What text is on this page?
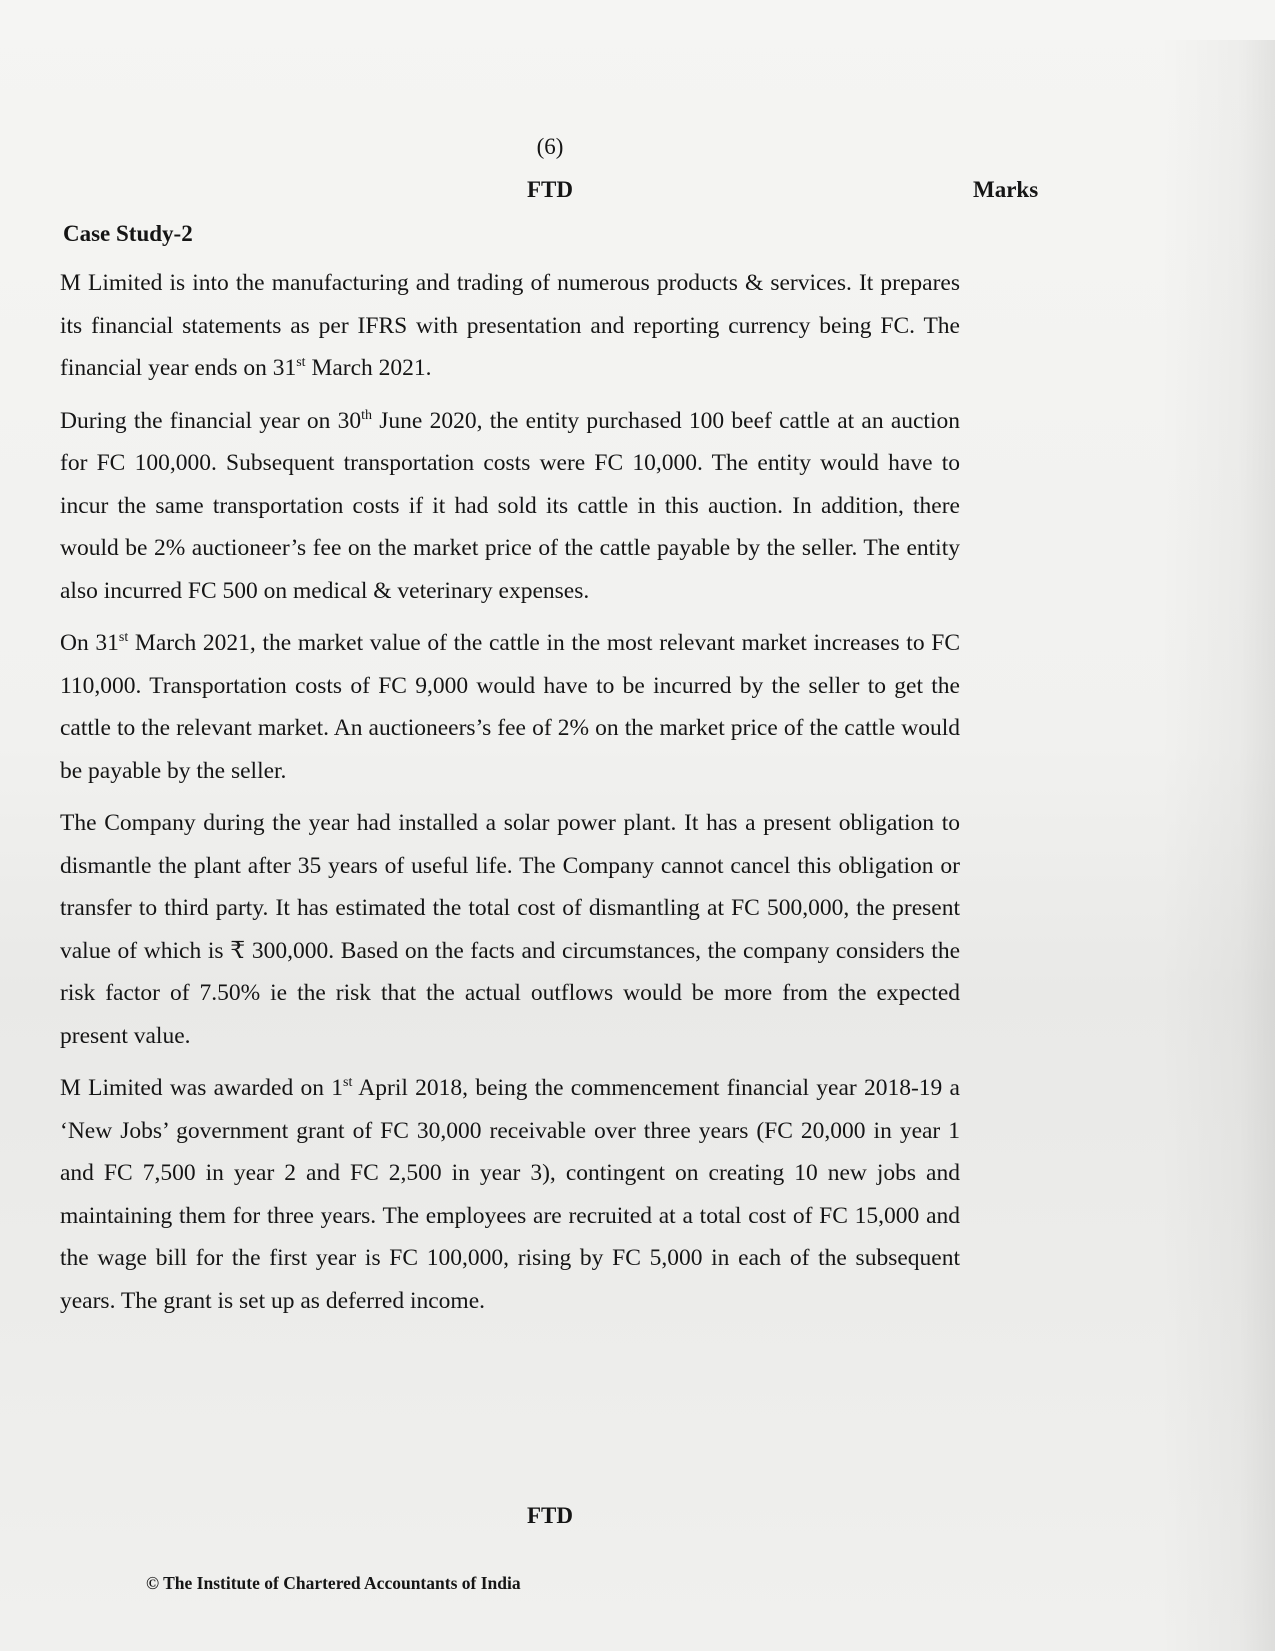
(6)
FTD	Marks
Case Study-2

M Limited is into the manufacturing and trading of numerous products & services. It prepares its financial statements as per IFRS with presentation and reporting currency being FC. The financial year ends on 31st March 2021.

During the financial year on 30th June 2020, the entity purchased 100 beef cattle at an auction for FC 100,000. Subsequent transportation costs were FC 10,000. The entity would have to incur the same transportation costs if it had sold its cattle in this auction. In addition, there would be 2% auctioneer’s fee on the market price of the cattle payable by the seller. The entity also incurred FC 500 on medical & veterinary expenses.

On 31st March 2021, the market value of the cattle in the most relevant market increases to FC 110,000. Transportation costs of FC 9,000 would have to be incurred by the seller to get the cattle to the relevant market. An auctioneers’s fee of 2% on the market price of the cattle would be payable by the seller.

The Company during the year had installed a solar power plant. It has a present obligation to dismantle the plant after 35 years of useful life. The Company cannot cancel this obligation or transfer to third party. It has estimated the total cost of dismantling at FC 500,000, the present value of which is ₹ 300,000. Based on the facts and circumstances, the company considers the risk factor of 7.50% ie the risk that the actual outflows would be more from the expected present value.

M Limited was awarded on 1st April 2018, being the commencement financial year 2018-19 a ‘New Jobs’ government grant of FC 30,000 receivable over three years (FC 20,000 in year 1 and FC 7,500 in year 2 and FC 2,500 in year 3), contingent on creating 10 new jobs and maintaining them for three years. The employees are recruited at a total cost of FC 15,000 and the wage bill for the first year is FC 100,000, rising by FC 5,000 in each of the subsequent years. The grant is set up as deferred income.

FTD
© The Institute of Chartered Accountants of India
